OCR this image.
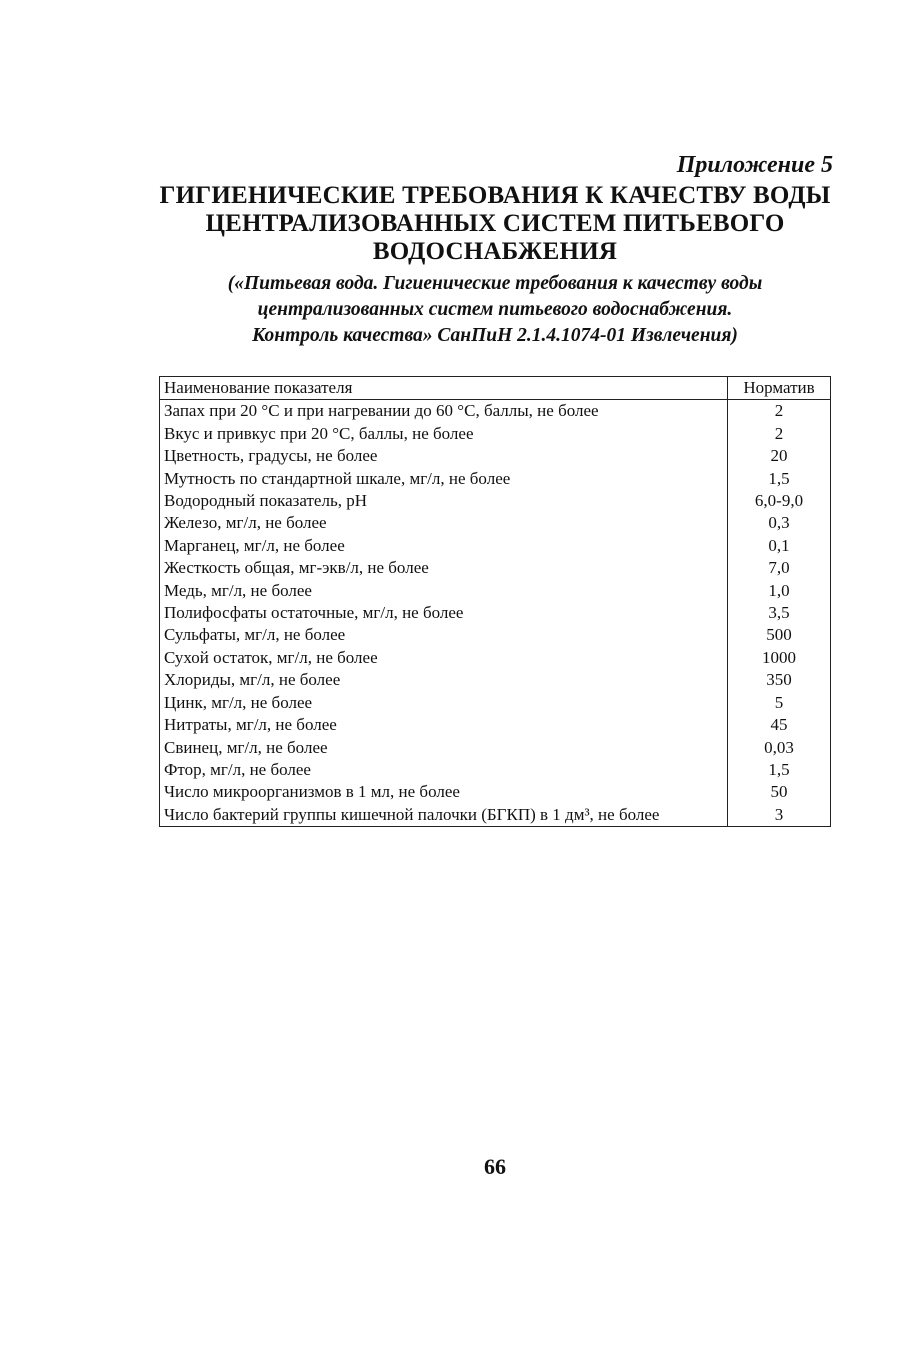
Приложение 5

ГИГИЕНИЧЕСКИЕ ТРЕБОВАНИЯ К КАЧЕСТВУ ВОДЫ
ЦЕНТРАЛИЗОВАННЫХ СИСТЕМ ПИТЬЕВОГО
ВОДОСНАБЖЕНИЯ

(«Питьевая вода. Гигиенические требования к качеству воды
централизованных систем питьевого водоснабжения.
Контроль качества» СанПиН 2.1.4.1074-01 Извлечения)

Наименование показателя	Норматив
Запах при 20 °С и при нагревании до 60 °С, баллы, не более	2
Вкус и привкус при 20 °С, баллы, не более	2
Цветность, градусы, не более	20
Мутность по стандартной шкале, мг/л, не более	1,5
Водородный показатель, рН	6,0-9,0
Железо, мг/л, не более	0,3
Марганец, мг/л, не более	0,1
Жесткость общая, мг-экв/л, не более	7,0
Медь, мг/л, не более	1,0
Полифосфаты остаточные, мг/л, не более	3,5
Сульфаты, мг/л, не более	500
Сухой остаток, мг/л, не более	1000
Хлориды, мг/л, не более	350
Цинк, мг/л, не более	5
Нитраты, мг/л, не более	45
Свинец, мг/л, не более	0,03
Фтор, мг/л, не более	1,5
Число микроорганизмов в 1 мл, не более	50
Число бактерий группы кишечной палочки (БГКП) в 1 дм³, не более	3

66
